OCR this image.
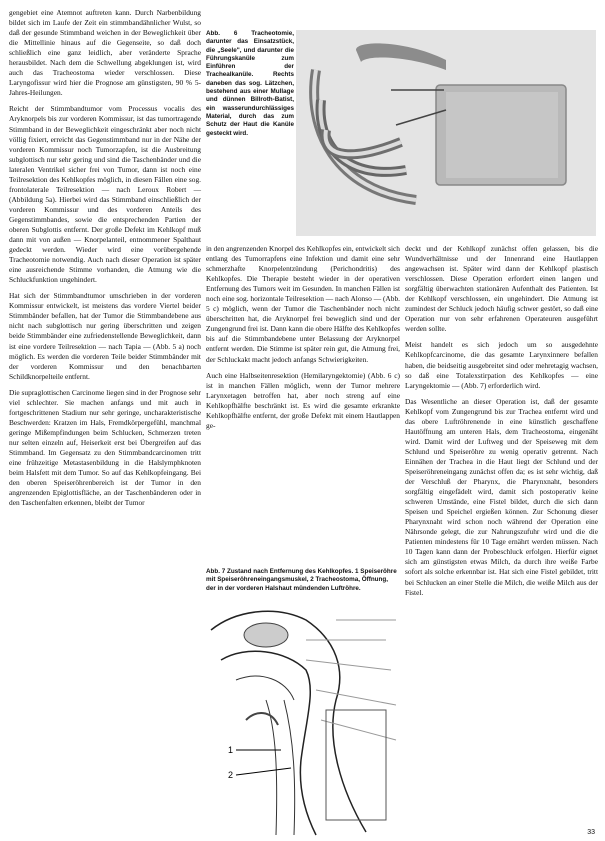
gengebiet eine Atemnot auftreten kann. Durch Narbenbildung bildet sich im Laufe der Zeit ein stimmbandähnlicher Wulst, so daß der gesunde Stimmband weichen in der Beweglichkeit über die Mittellinie hinaus auf die Gegenseite, so daß doch schließlich eine ganz leidlich, aber veränderte Sprache herausbildet. Nach dem die Schwellung abgeklungen ist, wird auch das Tracheostoma wieder verschlossen. Diese Laryngofissur wird hier die Prognose am günstigsten, 90 % 5-Jahres-Heilungen.

Reicht der Stimmbandtumor vom Processus vocalis des Aryknorpels bis zur vorderen Kommissur, ist das tumortragende Stimmband in der Beweglichkeit eingeschränkt aber noch nicht völlig fixiert, erreicht das Gegenstimmband nur in der Nähe der vorderen Kommissur noch Tumorzapfen, ist die Ausbreitung subglottisch nur sehr gering und sind die Taschenbänder und die lateralen Ventrikel sicher frei von Tumor, dann ist noch eine Teilresektion des Kehlkopfes möglich, in diesen Fällen eine sog. frontolaterale Teilresektion — nach Leroux Robert — (Abbildung 5a). Hierbei wird das Stimmband einschließlich der vorderen Kommissur und des vorderen Anteils des Gegenstimmbandes, sowie die entsprechenden Partien der oberen Subglottis entfernt. Der große Defekt im Kehlkopf muß dann mit von außen — Knorpelanteil, entnommener Spalthaut gedeckt werden. Wieder wird eine vorübergehende Tracheotomie notwendig. Auch nach dieser Operation ist später eine ausreichende Stimme vorhanden, die Atmung wie die Schluckfunktion ungehindert.

Hat sich der Stimmbandtumor umschrieben in der vorderen Kommissur entwickelt, ist meistens das vordere Viertel beider Stimmbänder befallen, hat der Tumor die Stimmbandebene aus nicht nach subglottisch nur gering überschritten und zeigen beide Stimmbänder eine zufriedenstellende Beweglichkeit, dann ist eine vordere Teilresektion — nach Tapia — (Abb. 5 a) noch möglich. Es werden die vorderen Teile beider Stimmbänder mit der vorderen Kommissur und den benachbarten Schildknorpelteile entfernt.

Die supraglottischen Carcinome liegen sind in der Prognose sehr viel schlechter. Sie machen anfangs und mit auch in fortgeschrittenen Stadium nur sehr geringe, uncharakteristische Beschwerden: Kratzen im Hals, Fremdkörpergefühl, manchmal geringe Mißempfindungen beim Schlucken, Schmerzen treten nur selten einzeln auf, Heiserkeit erst bei Übergreifen auf das Stimmband. Im Gegensatz zu den Stimmbandcarcinomen tritt eine frühzeitige Metastasenbildung in die Halslymphknoten beim Halsfett mit dem Tumor. So auf das Kehlkopfeingang. Bei den oberen Speiseröhrenbereich ist der Tumor in den angrenzenden Epiglottisfläche, an der Taschenbänderen oder in den Taschenfalten erkennen, bleibt der Tumor

Abb. 6 Tracheotomie, darunter das Einsatzstück, die „Seele", und darunter die Führungskanüle zum Einführen der Trachealkanüle. Rechts daneben das sog. Lätzchen, bestehend aus einer Mullage und dünnen Billroth-Batist, ein wasserundurchlässiges Material, durch das zum Schutz der Haut die Kanüle gesteckt wird.

in den angrenzenden Knorpel des Kehlkopfes ein, entwickelt sich entlang des Tumorrapfens eine Infektion und damit eine sehr schmerzhafte Knorpelentzündung (Perichondritis) des Kehlkopfes. Die Therapie besteht wieder in der operativen Entfernung des Tumors weit im Gesunden. In manchen Fällen ist noch eine sog. horizontale Teilresektion — nach Alonso — (Abb. 5 c) möglich, wenn der Tumor die Taschenbänder noch nicht überschritten hat, die Aryknorpel frei beweglich sind und der Zungengrund frei ist. Dann kann die obere Hälfte des Kehlkopfes bis auf die Stimmbandebene unter Belassung der Aryknorpel entfernt werden. Die Stimme ist später rein gut, die Atmung frei, der Schluckakt macht jedoch anfangs Schwierigkeiten.

Auch eine Halbseitenresektion (Hemilaryngektomie) (Abb. 6 c) ist in manchen Fällen möglich, wenn der Tumor mehrere Larynxetagen betroffen hat, aber noch streng auf eine Kehlkopfhälfte beschränkt ist. Es wird die gesamte erkrankte Kehlkopfhälfte entfernt, der große Defekt mit einem Hautlappen ge-

Abb. 7 Zustand nach Entfernung des Kehlkopfes. 1 Speiseröhre mit Speiseröhreneingangsmuskel, 2 Tracheostoma, Öffnung, der in der vorderen Halshaut mündenden Luftröhre.
1
2

deckt und der Kehlkopf zunächst offen gelassen, bis die Wundverhältnisse und der Innenrand eine Hautlappen angewachsen ist. Später wird dann der Kehlkopf plastisch verschlossen. Diese Operation erfordert einen langen und sorgfältig überwachten stationären Aufenthalt des Patienten. Ist der Kehlkopf verschlossen, ein ungehindert. Die Atmung ist zumindest der Schluck jedoch häufig schwer gestört, so daß eine Operation nur von sehr erfahrenen Operateuren ausgeführt werden sollte.

Meist handelt es sich jedoch um so ausgedehnte Kehlkopfcarcinome, die das gesamte Larynxinnere befallen haben, die beidseitig ausgebreitet sind oder mehretagig wachsen, so daß eine Totalexstirpation des Kehlkopfes — eine Laryngektomie — (Abb. 7) erforderlich wird.

Das Wesentliche an dieser Operation ist, daß der gesamte Kehlkopf vom Zungengrund bis zur Trachea entfernt wird und das obere Luftröhrenende in eine künstlich geschaffene Hautöffnung am unteren Hals, dem Tracheostoma, eingenäht wird. Damit wird der Luftweg und der Speiseweg mit dem Schlund und Speiseröhre zu wenig operativ getrennt. Nach Einnähen der Trachea in die Haut liegt der Schlund und der Speiseröhreneingang zunächst offen da; es ist sehr wichtig, daß der Verschluß der Pharynx, die Pharynxnaht, besonders sorgfältig eingefädelt wird, damit sich postoperativ keine schweren Umstände, eine Fistel bildet, durch die sich dann Speisen und Speichel ergießen können. Zur Schonung dieser Pharynxnaht wird schon noch während der Operation eine Nährsonde gelegt, die zur Nahrungszufuhr wird und die die Patienten mindestens für 10 Tage ernährt werden müssen. Nach 10 Tagen kann dann der Probeschluck erfolgen. Hierfür eignet sich am günstigsten etwas Milch, da durch ihre weiße Farbe sofort als solche erkennbar ist. Hat sich eine Fistel gebildet, tritt bei Schlucken an einer Stelle die Milch, die weiße Milch aus der Fistel.

33
